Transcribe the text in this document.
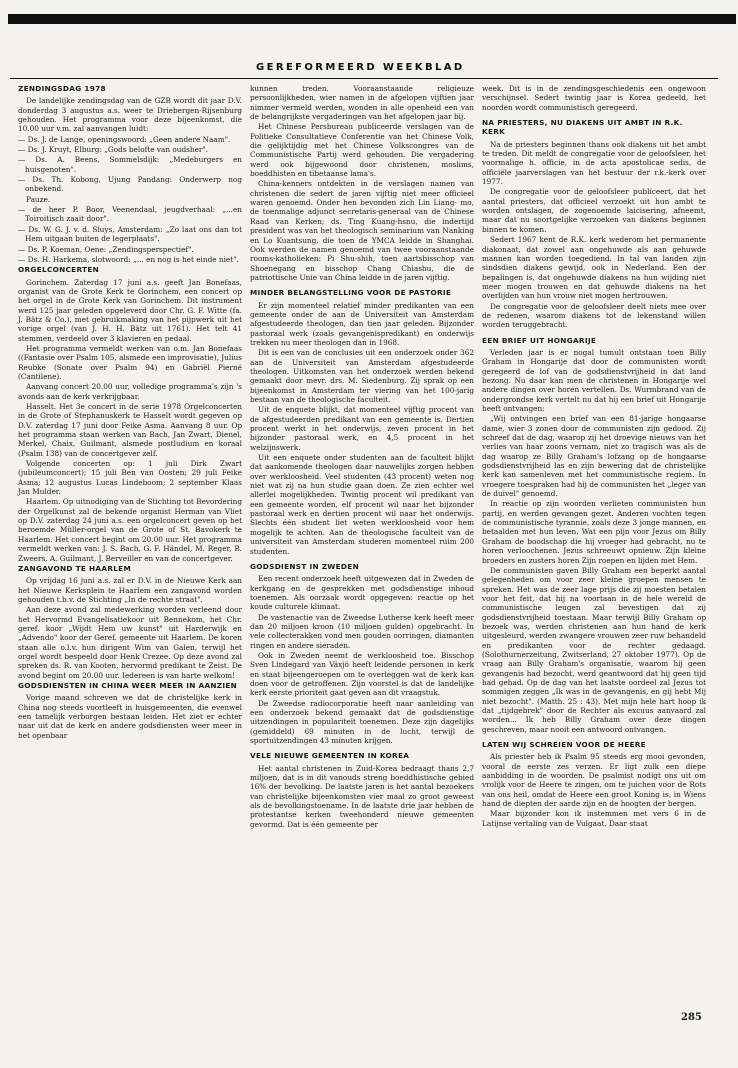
GEREFORMEERD WEEKBLAD
ZENDINGSDAG 1978

De landelijke zendingsdag van de GZB wordt dit jaar D.V. donderdag 3 augustus a.s. weer te Driebergen-Rijsenburg gehouden. Het programma voor deze bijeenkomst, die 10.00 uur v.m. zal aanvangen luidt:

— Ds. J. de Lange, openingswoord: „Geen andere Naam".

— Ds. J. Kruyt, Elburg: „Gods belofte van oudsher".

— Ds. A. Beens, Sommelsdijk: „Medeburgers en huisgenoten".

— Ds. Th. Kobong, Ujung Pandang: Onderwerp nog onbekend.

Pauze.

— de heer P. Boor, Veenendaal, jeugdverhaal: „...en Toiroitisch zaait door".

— Ds. W. G. J. v. d. Sluys, Amsterdam: „Zo laat ons dan tot Hem uitgaan buiten de legerplaats".

— Ds. P. Koeman, Oene: „Zendingsperspectief".

— Ds. H. Harkema, slotwoord: „... en nog is het einde niet".

ORGELCONCERTEN

Gorinchem. Zaterdag 17 juni a.s. geeft Jan Bonefaas, organist van de Grote Kerk te Gorinchem, een concert op het orgel in de Grote Kerk van Gorinchem. Dit instrument werd 125 jaar geleden opgeleverd door Chr. G. F. Witte (fa. J. Bätz & Co.), met gebruikmaking van het pijpwerk uit het vorige orgel (van J. H. H. Bätz uit 1761). Het telt 41 stemmen, verdeeld over 3 klavieren en pedaal.

Het programma vermeldt werken van o.m. Jan Bonefaas ((Fantasie over Psalm 105, alsmede een improvisatie), Julius Reubke (Sonate over Psalm 94) en Gabriël Pierné (Cantilene).

Aanvang concert 20.00 uur, volledige programma's zijn 's avonds aan de kerk verkrijgbaar.

Hasselt. Het 3e concert in de serie 1978 Orgelconcerten in de Grote of Stephanuskerk te Hasselt wordt gegeven op D.V. zaterdag 17 juni door Feike Asma. Aanvang 8 uur. Op het programma staan werken van Bach, Jan Zwart, Dienel, Merkel, Chaix, Guilmant, alsmede postludium en koraal (Psalm 138) van de concertgever zelf.

Volgende concerten op: 1 juli Dirk Zwart (jubileumconcert); 15 juli Ben van Oosten; 29 juli Feike Asma; 12 augustus Lucas Lindeboom; 2 september Klaas Jan Mulder.

Haarlem. Op uitnodiging van de Stichting tot Bevordering der Orgelkunst zal de bekende organist Herman van Vliet op D.V. zaterdag 24 juni a.s. een orgelconcert geven op het beroemde Müller-orgel van de Grote of St. Bavokerk te Haarlem. Het concert begint om 20.00 uur. Het programma vermeldt werken van: J. S. Bach, G. F. Händel, M. Reger, B. Zweers, A. Guilmant, J. Berveiller en van de concertgever.

ZANGAVOND TE HAARLEM

Op vrijdag 16 juni a.s. zal er D.V. in de Nieuwe Kerk aan het Nieuwe Kerksplein te Haarlem een zangavond worden gehouden t.b.v. de Stichting „In de rechte straat".

Aan deze avond zal medewerking worden verleend door het Hervormd Evangelisatiekoor uit Bennekom, het Chr. geref. koor „Wijdt Hem uw kunst" uit Harderwijk en „Advendo" koor der Geref. gemeente uit Haarlem. De koren staan alle o.l.v. hun dirigent Wim van Galen, terwijl het orgel wordt bespeeld door Henk Crezee. Op deze avond zal spreken ds. R. van Kooten, hervormd predikant te Zeist. De avond begint om 20.00 uur. Iedereen is van harte welkom!

GODSDIENSTEN IN CHINA WEER MEER IN AANZIEN

Vorige maand schreven we dat de christelijke kerk in China nog steeds voortleeft in huisgemeenten, die evenwel een tamelijk verborgen bestaan leiden. Het ziet er echter naar uit dat de kerk en andere godsdiensten weer meer in het openbaar

kunnen treden. Vooraanstaande religieuze persoonlijkheden, wier namen in de afgelopen vijftien jaar nimmer vermeld werden, wonden in alle openheid een van de belangrijkste vergaderingen van het afgelopen jaar bij.

Het Chinese Persbureau publiceerde verslagen van de Politieke Consultatieve Conferentie van het Chinese Volk, die gelijktijdig met het Chinese Volkscongres van de Communistische Partij werd gehouden. Die vergadering werd ook bijgewoond door christenen, moslims, boeddhisten en tibetaanse lama's.

China-kenners ontdekten in de verslagen namen van christenen die sedert de jaren vijftig niet meer officieel waren genoemd. Onder hen bevonden zich Lin Liang- mo, de toenmalige adjunct secretaris-generaal van de Chinese Raad van Kerken; ds. Ting Kuang-hsnu, die indertijd president was van het theologisch seminarium van Nanking en Lo Kuantsung, die toen de YMCA leidde in Shanghai. Ook werden de namen genoemd van twee vooraanstaande rooms-katholieken: Pi Shu-shih, toen aartsbisschop van Shoenegang en bisschop Chang Chiashu, die de patriottische Unie van China leidde in de jaren vijftig.

MINDER BELANGSTELLING VOOR DE PASTORIE

Er zijn momenteel relatief minder predikanten van een gemeente onder de aan de Universiteit van Amsterdam afgestudeerde theologen, dan tien jaar geleden. Bijzonder pastoraal werk (zoals gevangenispredikant) en onderwijs trekken nu meer theologen dan in 1968.

Dit is een van de conclusies uit een onderzoek onder 362 aan de Universiteit van Amsterdam afgestudeerde theologen. Uitkomsten van het onderzoek werden bekend gemaakt door mevr. drs. M. Siedenburg. Zij sprak op een bijeenkomst in Amsterdam ter viering van het 100-jarig bestaan van de theologische faculteit.

Uit de enquete blijkt, dat momenteel vijftig procent van de afgestudeerden predikant van een gemeente is. Dertien procent werkt in het onderwijs, zeven procent in het bijzonder pastoraal werk, en 4,5 procent in het welzijnswerk.

Uit een enquete onder studenten aan de faculteit blijkt dat aankomende theologen daar nauwelijks zorgen hebben over werkloosheid. Veel studenten (43 procent) weten nog niet wat zij na hun studie gaan doen. Ze zien echter wel allerlei mogelijkheden. Twintig procent wil predikant van een gemeente worden, elf procent wil naar het bijzonder pastoraal werk en dertien procent wil naar het onderwijs. Slechts één student liet weten werkloosheid voor hem mogelijk te achten. Aan de theologische faculteit van de universiteit van Amsterdam studeren momenteel ruim 200 studenten.

GODSDIENST IN ZWEDEN

Een recent onderzoek heeft uitgewezen dat in Zweden de kerkgang en de gesprekken met godsdienstige inhoud toenemen. Als oorzaak wordt opgegeven: reactie op het koude culturele klimaat.

De vastenactie van de Zweedse Lutherse kerk heeft meer dan 20 miljoen kroon (10 miljoen gulden) opgebracht. In vele collecterakken vond men gouden oorringen, diamanten ringen en andere sieraden.

Ook in Zweden neemt de werkloosheid toe. Bisschop Sven Lindegard van Växjö heeft leidende personen in kerk en staat bijeengeroepen om te overleggen wat de kerk kan doen voor de getroffenen. Zijn voorstel is dat de landelijke kerk eerste prioriteit gaat geven aan dit vraagstuk.

De Zweedse radiocorporatie heeft naar aanleiding van een onderzoek bekend gemaakt dat de godsdienstige uitzendingen in populariteit toenemen. Deze zijn dagelijks (gemiddeld) 69 minuten in de lucht, terwijl de sportuitzendingen 43 minuten krijgen.

VELE NIEUWE GEMEENTEN IN KOREA

Het aantal christenen in Zuid-Korea bedraagt thans 2,7 miljoen, dat is in dit vanouds streng boeddhistische gebied 16% der bevolking. De laatste jaren is het aantal bezoekers van christelijke bijeenkomsten vier maal zo groot geweest als de bevolkingstoename. In de laatste drie jaar hebben de protestantse kerken tweehonderd nieuwe gemeenten gevormd. Dat is één gemeente per

week. Dit is in de zendingsgeschiedenis een ongewoon verschijnsel. Sedert twintig jaar is Korea gedeeld, het noorden wordt communistisch geregeerd.

NA PRIESTERS, NU DIAKENS UIT AMBT IN R.K. KERK

Na de priesters beginnen thans ook diakens uit het ambt te treden. Dit meldt de congregatie voor de geloofsleer, het voormalige h. officie, in de acta apostolicae sedis, de officiële jaarverslagen van het bestuur der r.k.-kerk over 1977.

De congregatie voor de geloofsleer publiceert, dat het aantal priesters, dat officieel verzoekt uit hun ambt te worden ontslagen, de zogenoemde laicisering, afneemt, maar dat nu soortgelijke verzoeken van diakens beginnen binnen te komen.

Sedert 1967 kent de R.K. kerk wederom het permanente diakonaat, dat zowel aan ongehuwde als aan gehuwde mannen kan worden toegediend. In tal van landen zijn sindsdien diakens gewijd, ook in Nederland. Een der bepalingen is, dat ongehuwde diakens na hun wijding niet meer mogen trouwen en dat gehuwde diakens na het overlijden van hun vrouw niet mogen hertrouwen.

De congregatie voor de geloofsleer deelt niets mee over de redenen, waarom diakens tot de lekenstand willen worden teruggebracht.

EEN BRIEF UIT HONGARIJE

Verleden jaar is er nogal tumult ontstaan toen Billy Graham in Hongarije dat door de communisten wordt geregeerd de lof van de godsdienstvrijheid in dat land bezong. Nu daar kan men de christenen in Hongarije wel andere dingen over horen vertellen. Ds. Wurmbrand van de ondergrondse kerk vertelt nu dat hij een brief uit Hongarije heeft ontvangen:

„Wij ontvingen een brief van een 81-jarige hongaarse dame, wier 3 zonen door de communisten zijn gedood. Zij schreef dat de dag, waarop zij het droevige nieuws van het verlies van haar zoons vernam, niet zo tragisch was als de dag waarop ze Billy Graham's lofzang op de hongaarse godsdienstvrijheid las en zijn bewering dat de christelijke kerk kan samenleven met het communistische regiem. In vroegere toespraken had hij de communisten het „leger van de duivel" genoemd.

In reactie op zijn woorden verlieten communisten hun partij, en werden gevangen gezet. Anderen vochten tegen de communistische tyrannie, zoals deze 3 jonge mannen, en betaalden met hun leven. Wat een pijn voor Jezus om Billy Graham de boodschap die hij vroeger had gebracht, nu te horen verloochenen. Jezus schreeuwt opnieuw. Zijn kleine broeders en zusters horen Zijn roepen en lijden met Hem.

De communisten gaven Billy Graham een beperkt aantal gelegenheden om voor zeer kleine groepen mensen te spreken. Het was de zeer lage prijs die zij moesten betalen voor het feit, dat hij na voortaan in de hele wereld de communistische leugen zal bevestigen dat zij godsdienstvrijheid toestaan. Maar terwijl Billy Graham op bezoek was, werden christenen aan hun hand de kerk uitgesleurd, werden zwangere vrouwen zeer ruw behandeld en predikanten voor de rechter gedaagd. (Solothurnerzeitung, Zwitserland, 27 oktober 1977). Op de vraag aan Billy Graham's organisatie, waarom hij geen gevangenis had bezocht, werd geantwoord dat hij geen tijd had gehad. Op de dag van het laatste oordeel zal Jezus tot sommigen zeggen „Ik was in de gevangenis, en gij hebt Mij niet bezocht". (Matth. 25 : 43). Met mijn hele hart hoop ik dat „tijdgebrek" door de Rechter als excuus aanvaard zal worden... Ik heb Billy Graham over deze dingen geschreven, maar nooit een antwoord ontvangen.

LATEN WIJ SCHREIEN VOOR DE HEERE

Als priester heb ik Psalm 95 steeds erg mooi gevonden, vooral de eerste zes verzen. Er ligt zulk een diepe aanbidding in de woorden. De psalmist nodigt ons uit om vrolijk voor de Heere te zingen, om te juichen voor de Rots van ons heil, omdat de Heere een groot Koning is, in Wiens hand de diepten der aarde zijn en de hoogten der bergen.

Maar bijzonder kon ik instemmen met vers 6 in de Latijnse vertaling van de Vulgaat. Daar staat

285
